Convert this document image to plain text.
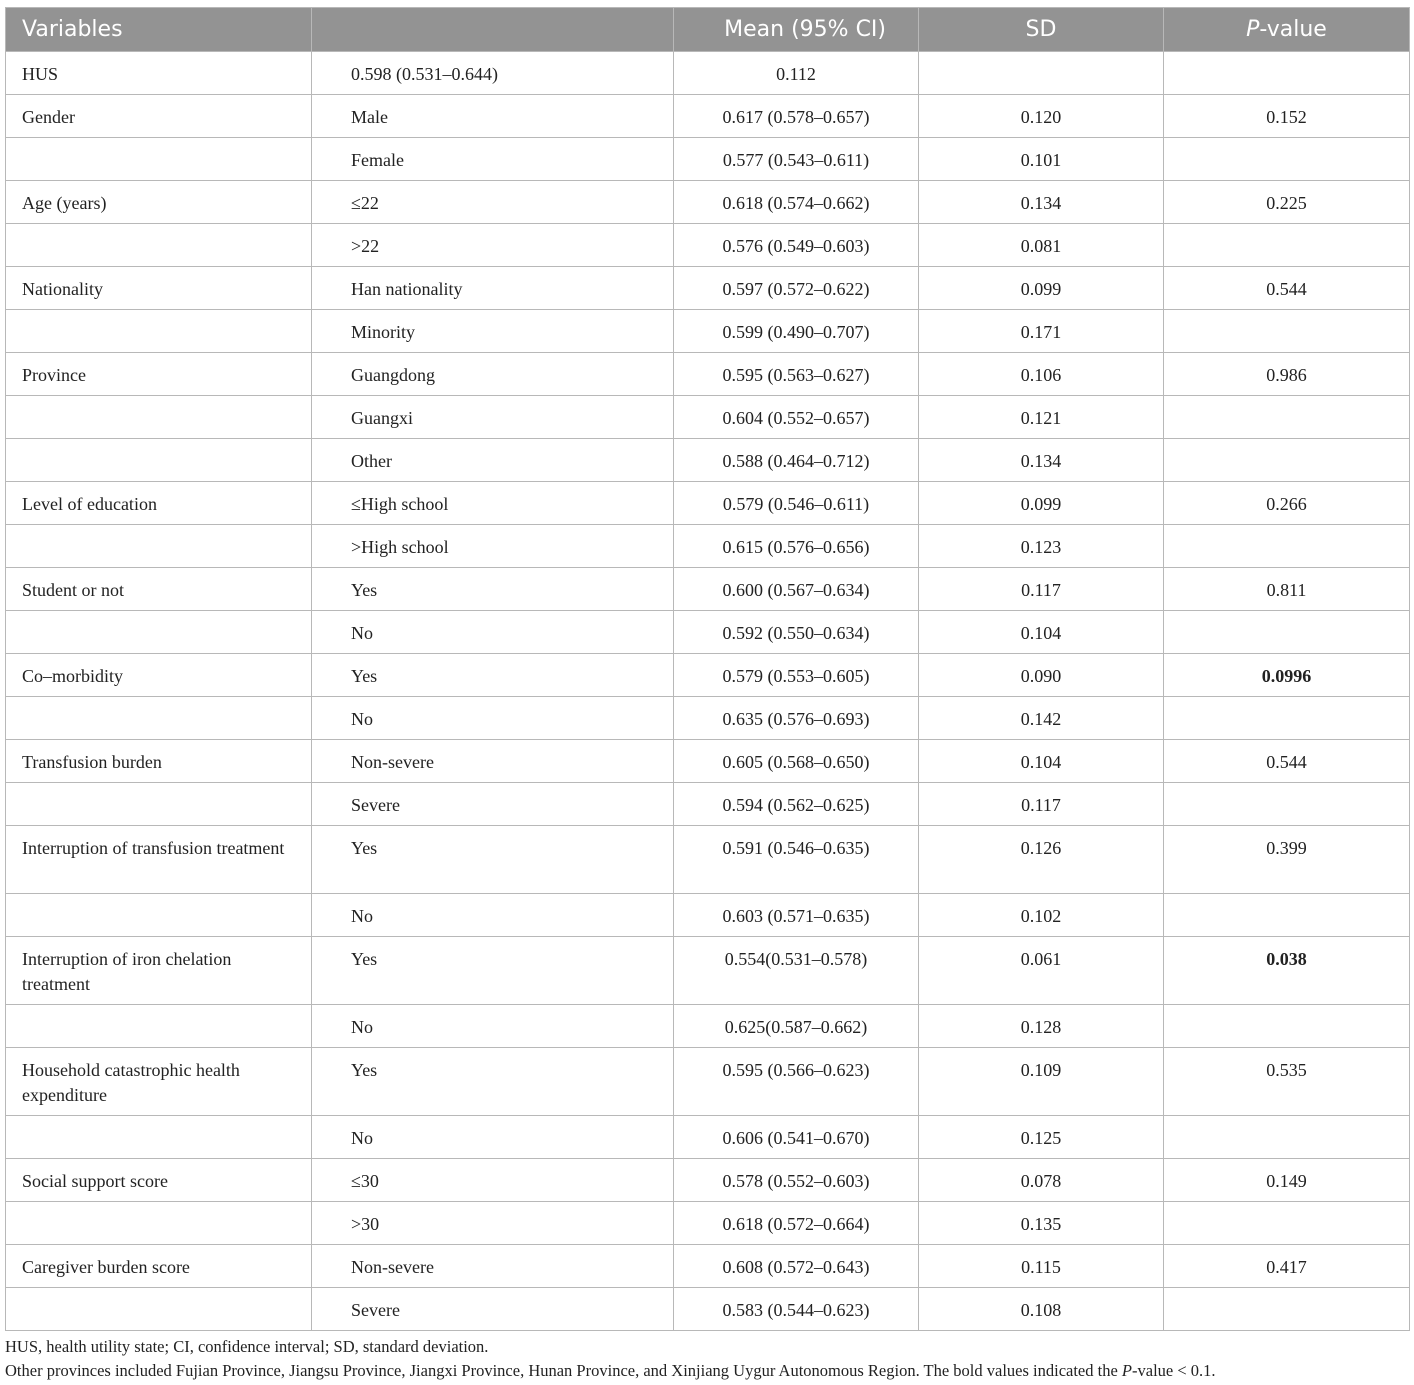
Variables		Mean (95% CI)	SD	P-value
HUS	0.598 (0.531–0.644)	0.112		
Gender	Male	0.617 (0.578–0.657)	0.120	0.152
	Female	0.577 (0.543–0.611)	0.101	
Age (years)	≤22	0.618 (0.574–0.662)	0.134	0.225
	>22	0.576 (0.549–0.603)	0.081	
Nationality	Han nationality	0.597 (0.572–0.622)	0.099	0.544
	Minority	0.599 (0.490–0.707)	0.171	
Province	Guangdong	0.595 (0.563–0.627)	0.106	0.986
	Guangxi	0.604 (0.552–0.657)	0.121	
	Other	0.588 (0.464–0.712)	0.134	
Level of education	≤High school	0.579 (0.546–0.611)	0.099	0.266
	>High school	0.615 (0.576–0.656)	0.123	
Student or not	Yes	0.600 (0.567–0.634)	0.117	0.811
	No	0.592 (0.550–0.634)	0.104	
Co–morbidity	Yes	0.579 (0.553–0.605)	0.090	0.0996
	No	0.635 (0.576–0.693)	0.142	
Transfusion burden	Non-severe	0.605 (0.568–0.650)	0.104	0.544
	Severe	0.594 (0.562–0.625)	0.117	
Interruption of transfusion treatment	Yes	0.591 (0.546–0.635)	0.126	0.399
	No	0.603 (0.571–0.635)	0.102	
Interruption of iron chelation treatment	Yes	0.554(0.531–0.578)	0.061	0.038
	No	0.625(0.587–0.662)	0.128	
Household catastrophic health expenditure	Yes	0.595 (0.566–0.623)	0.109	0.535
	No	0.606 (0.541–0.670)	0.125	
Social support score	≤30	0.578 (0.552–0.603)	0.078	0.149
	>30	0.618 (0.572–0.664)	0.135	
Caregiver burden score	Non-severe	0.608 (0.572–0.643)	0.115	0.417
	Severe	0.583 (0.544–0.623)	0.108	
HUS, health utility state; CI, confidence interval; SD, standard deviation.
Other provinces included Fujian Province, Jiangsu Province, Jiangxi Province, Hunan Province, and Xinjiang Uygur Autonomous Region. The bold values indicated the P-value < 0.1.
